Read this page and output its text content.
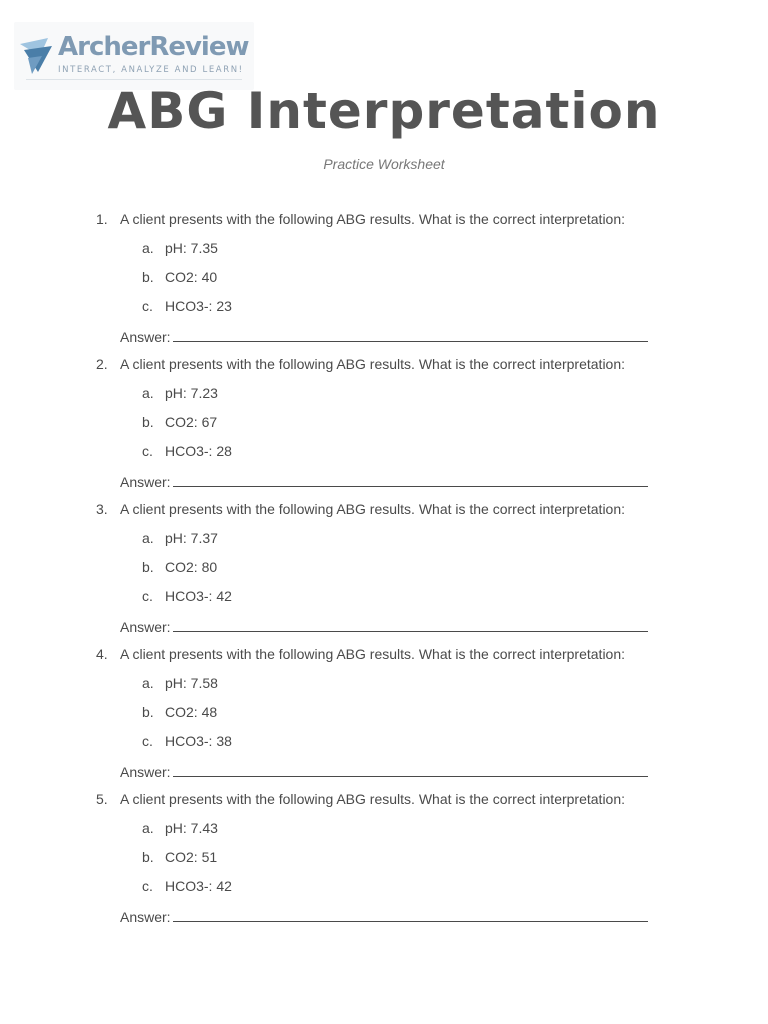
ArcherReview
INTERACT, ANALYZE AND LEARN!
ABG Interpretation
Practice Worksheet
1. A client presents with the following ABG results. What is the correct interpretation:
a. pH: 7.35
b. CO2: 40
c. HCO3-: 23
Answer:
2. A client presents with the following ABG results. What is the correct interpretation:
a. pH: 7.23
b. CO2: 67
c. HCO3-: 28
Answer:
3. A client presents with the following ABG results. What is the correct interpretation:
a. pH: 7.37
b. CO2: 80
c. HCO3-: 42
Answer:
4. A client presents with the following ABG results. What is the correct interpretation:
a. pH: 7.58
b. CO2: 48
c. HCO3-: 38
Answer:
5. A client presents with the following ABG results. What is the correct interpretation:
a. pH: 7.43
b. CO2: 51
c. HCO3-: 42
Answer:
